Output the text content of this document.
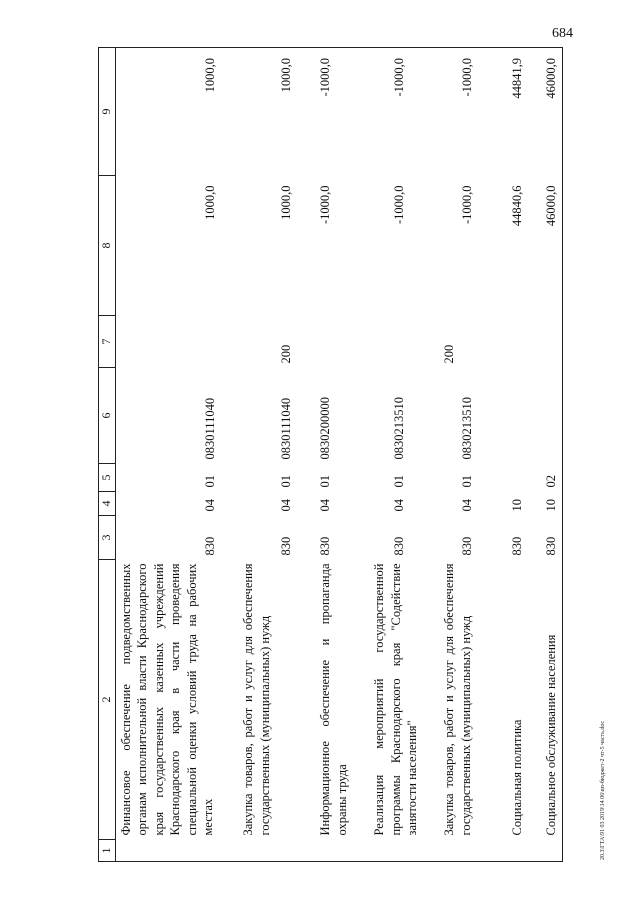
684
20.3\ГТА\91 03 2019\14 06\вп-бюджет-2 чт-5 часть.doc
1	2	3	4	5	6	7	8	9
	Финансовое обеспечение подведомственных органам исполнительной власти Краснодарского края государственных казенных учреждений Краснодарского края в части проведения специальной оценки условий труда на рабочих местах	830	04	01	0830111040		1000,0	1000,0

	Закупка товаров, работ и услуг для обеспечения государственных (муниципальных) нужд	830	04	01	0830111040	200	1000,0	1000,0

	Информационное обеспечение и пропаганда охраны труда	830	04	01	0830200000		-1000,0	-1000,0

	Реализация мероприятий государственной программы Краснодарского края "Содействие занятости населения"	830	04	01	0830213510		-1000,0	-1000,0

	Закупка товаров, работ и услуг для обеспечения государственных (муниципальных) нужд	830	04	01	0830213510	200	-1000,0	-1000,0

	Социальная политика	830	10				44840,6	44841,9

	Социальное обслуживание населения	830	10	02			46000,0	46000,0
